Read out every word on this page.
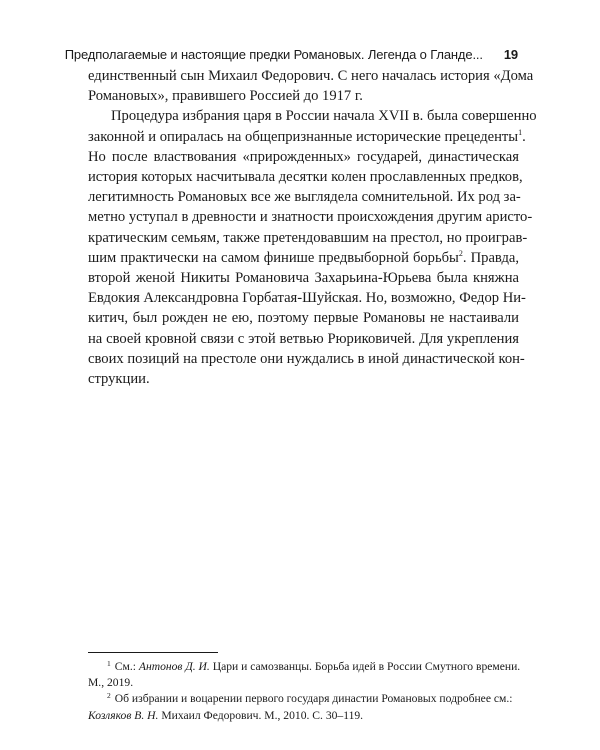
Предполагаемые и настоящие предки Романовых. Легенда о Гланде... 19
единственный сын Михаил Федорович. С него началась история «Дома
Романовых», правившего Россией до 1917 г.
Процедура избрания царя в России начала XVII в. была совершенно
законной и опиралась на общепризнанные исторические прецеденты$^1$.
Но после властвования «прирожденных» государей, династическая
история которых насчитывала десятки колен прославленных предков,
легитимность Романовых все же выглядела сомнительной. Их род за-
метно уступал в древности и знатности происхождения другим аристо-
кратическим семьям, также претендовавшим на престол, но проиграв-
шим практически на самом финише предвыборной борьбы$^2$. Правда,
второй женой Никиты Романовича Захарьина-Юрьева была княжна
Евдокия Александровна Горбатая-Шуйская. Но, возможно, Федор Ни-
китич, был рожден не ею, поэтому первые Романовы не настаивали
на своей кровной связи с этой ветвью Рюриковичей. Для укрепления
своих позиций на престоле они нуждались в иной династической кон-
струкции.
$^1$ См.: Антонов Д. И. Цари и самозванцы. Борьба идей в России Смутного времени.
М., 2019.
$^2$ Об избрании и воцарении первого государя династии Романовых подробнее см.:
Козляков В. Н. Михаил Федорович. М., 2010. С. 30–119.
